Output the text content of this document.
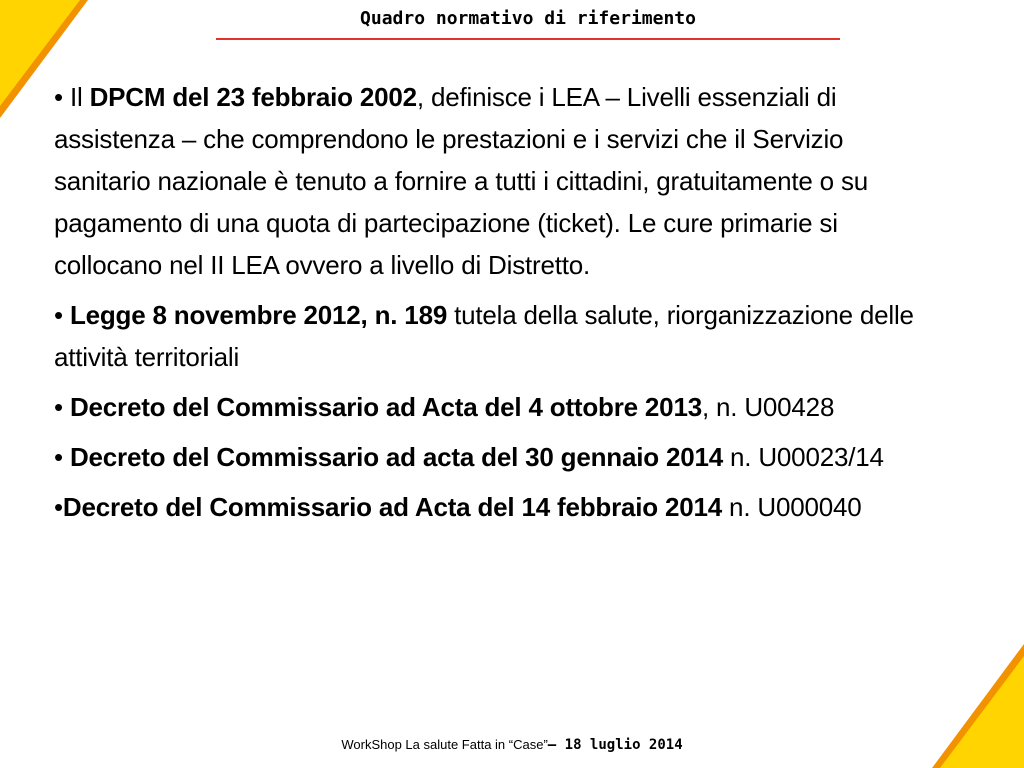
Quadro normativo di riferimento
• Il DPCM del 23 febbraio 2002, definisce i LEA – Livelli essenziali di assistenza – che comprendono le prestazioni e i servizi che il Servizio sanitario nazionale è tenuto a fornire a tutti i cittadini, gratuitamente o su pagamento di una quota di partecipazione (ticket). Le cure primarie si collocano nel II LEA ovvero a livello di Distretto.
• Legge 8 novembre 2012, n. 189 tutela della salute, riorganizzazione delle attività territoriali
• Decreto del Commissario ad Acta del 4 ottobre 2013, n. U00428
• Decreto del Commissario ad acta del 30 gennaio 2014 n. U00023/14
•Decreto del Commissario ad Acta del 14 febbraio 2014 n. U000040
WorkShop La salute Fatta in “Case”– 18 luglio 2014
